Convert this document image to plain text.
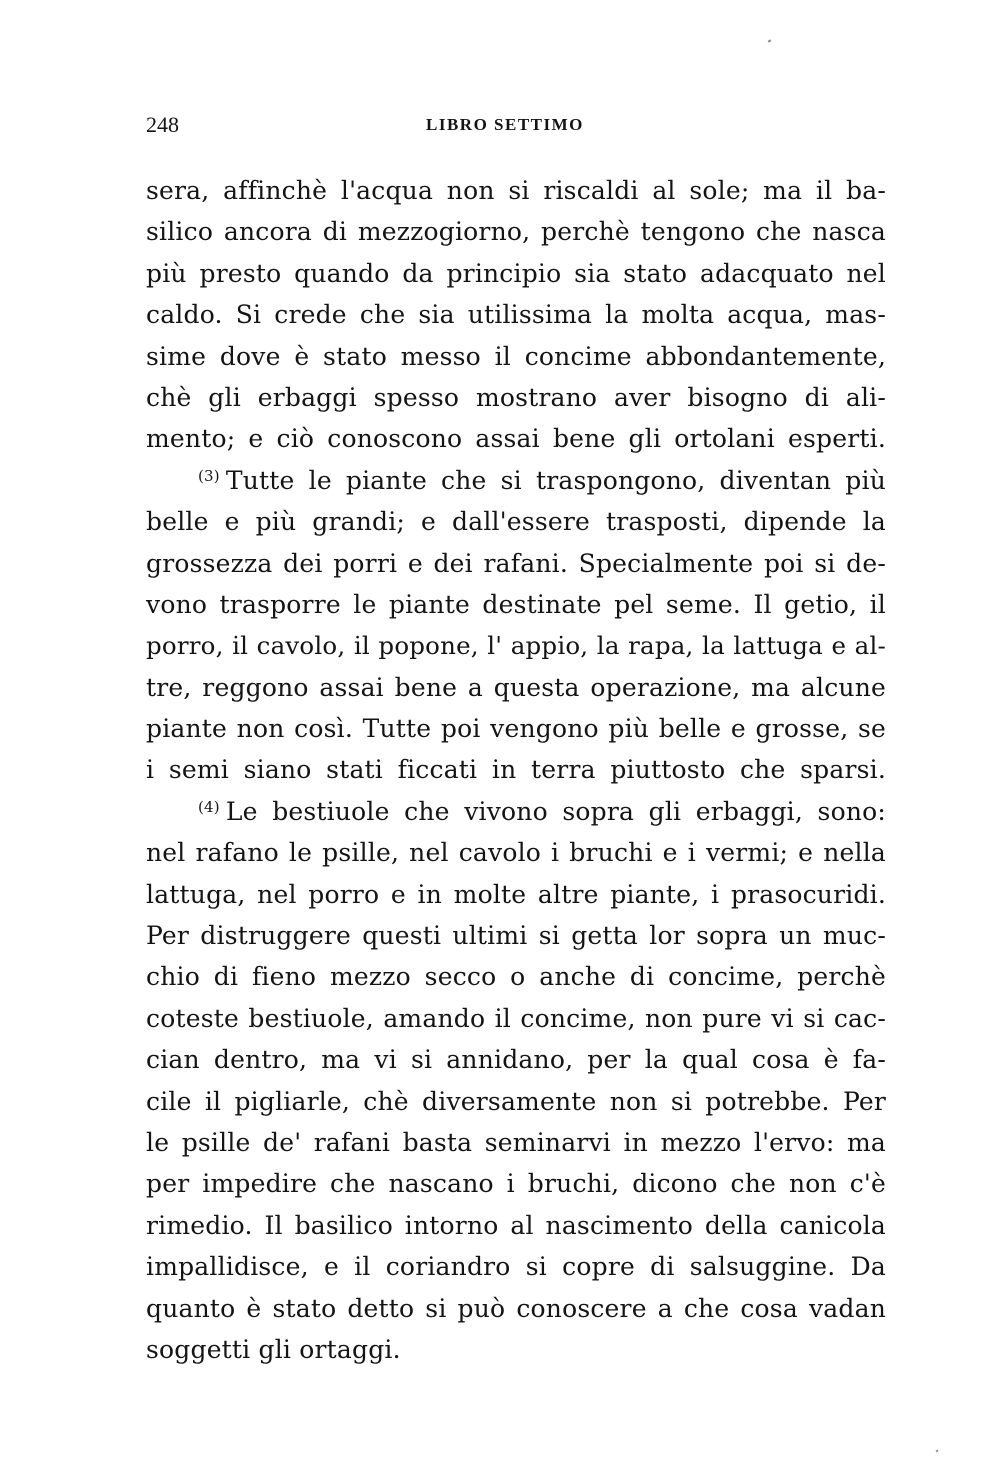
248	LIBRO SETTIMO
sera, affinchè l'acqua non si riscaldi al sole; ma il ba-
silico ancora di mezzogiorno, perchè tengono che nasca
più presto quando da principio sia stato adacquato nel
caldo. Si crede che sia utilissima la molta acqua, mas-
sime dove è stato messo il concime abbondantemente,
chè gli erbaggi spesso mostrano aver bisogno di ali-
mento; e ciò conoscono assai bene gli ortolani esperti.
$^{(3)}$ Tutte le piante che si traspongono, diventan più
belle e più grandi; e dall'essere trasposti, dipende la
grossezza dei porri e dei rafani. Specialmente poi si de-
vono trasporre le piante destinate pel seme. Il getio, il
porro, il cavolo, il popone, l' appio, la rapa, la lattuga e al-
tre, reggono assai bene a questa operazione, ma alcune
piante non così. Tutte poi vengono più belle e grosse, se
i semi siano stati ficcati in terra piuttosto che sparsi.
$^{(4)}$ Le bestiuole che vivono sopra gli erbaggi, sono:
nel rafano le psille, nel cavolo i bruchi e i vermi; e nella
lattuga, nel porro e in molte altre piante, i prasocuridi.
Per distruggere questi ultimi si getta lor sopra un muc-
chio di fieno mezzo secco o anche di concime, perchè
coteste bestiuole, amando il concime, non pure vi si cac-
cian dentro, ma vi si annidano, per la qual cosa è fa-
cile il pigliarle, chè diversamente non si potrebbe. Per
le psille de' rafani basta seminarvi in mezzo l'ervo: ma
per impedire che nascano i bruchi, dicono che non c'è
rimedio. Il basilico intorno al nascimento della canicola
impallidisce, e il coriandro si copre di salsuggine. Da
quanto è stato detto si può conoscere a che cosa vadan
soggetti gli ortaggi.
